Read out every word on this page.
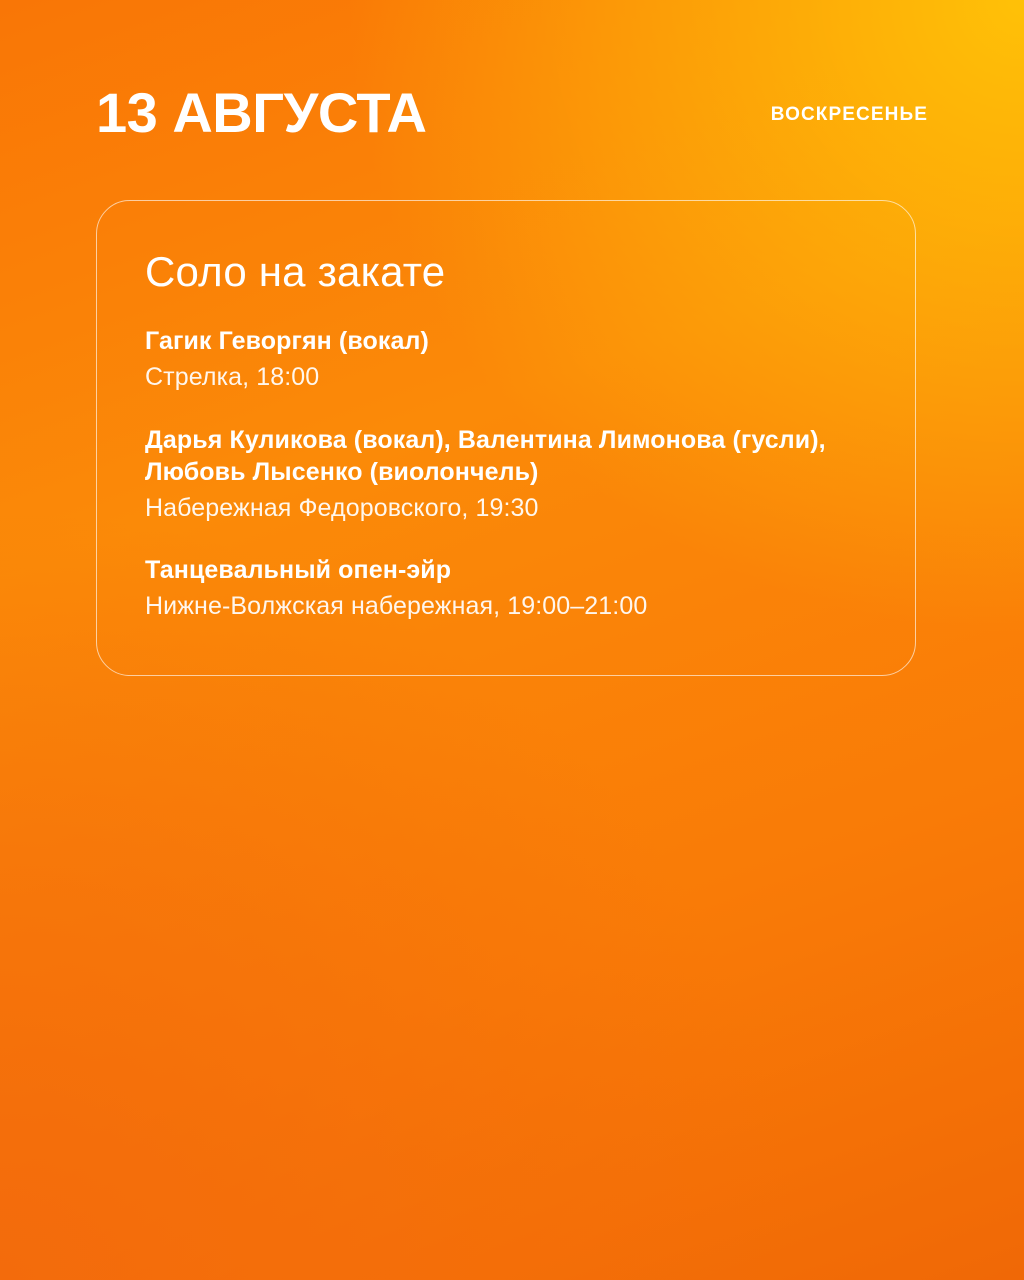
13 АВГУСТА	ВОСКРЕСЕНЬЕ
Соло на закате
Гагик Геворгян (вокал)
Стрелка, 18:00
Дарья Куликова (вокал), Валентина Лимонова (гусли), Любовь Лысенко (виолончель)
Набережная Федоровского, 19:30
Танцевальный опен-эйр
Нижне-Волжская набережная, 19:00–21:00
